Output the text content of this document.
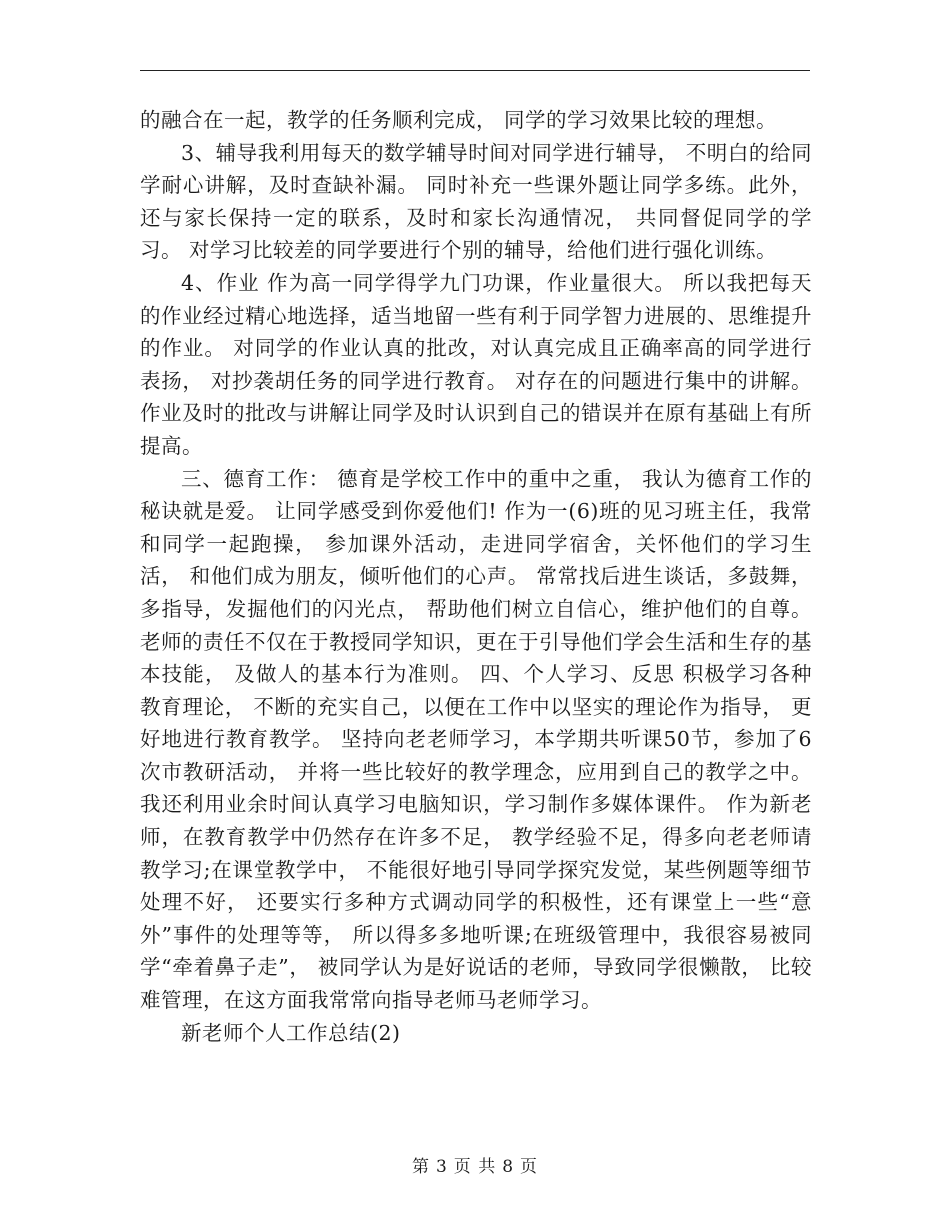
的融合在一起，教学的任务顺利完成， 同学的学习效果比较的理想。

3、辅导我利用每天的数学辅导时间对同学进行辅导， 不明白的给同学耐心讲解，及时查缺补漏。 同时补充一些课外题让同学多练。此外，还与家长保持一定的联系，及时和家长沟通情况， 共同督促同学的学习。 对学习比较差的同学要进行个别的辅导，给他们进行强化训练。

4、作业 作为高一同学得学九门功课，作业量很大。 所以我把每天的作业经过精心地选择，适当地留一些有利于同学智力进展的、思维提升的作业。 对同学的作业认真的批改，对认真完成且正确率高的同学进行表扬， 对抄袭胡任务的同学进行教育。 对存在的问题进行集中的讲解。 作业及时的批改与讲解让同学及时认识到自己的错误并在原有基础上有所提高。

三、德育工作： 德育是学校工作中的重中之重， 我认为德育工作的秘诀就是爱。 让同学感受到你爱他们! 作为一(6)班的见习班主任，我常和同学一起跑操， 参加课外活动，走进同学宿舍，关怀他们的学习生活， 和他们成为朋友，倾听他们的心声。 常常找后进生谈话，多鼓舞，多指导，发掘他们的闪光点， 帮助他们树立自信心，维护他们的自尊。 老师的责任不仅在于教授同学知识，更在于引导他们学会生活和生存的基本技能， 及做人的基本行为准则。 四、个人学习、反思 积极学习各种教育理论， 不断的充实自己，以便在工作中以坚实的理论作为指导， 更好地进行教育教学。 坚持向老老师学习，本学期共听课50节，参加了6次市教研活动， 并将一些比较好的教学理念，应用到自己的教学之中。 我还利用业余时间认真学习电脑知识，学习制作多媒体课件。 作为新老师，在教育教学中仍然存在许多不足， 教学经验不足，得多向老老师请教学习;在课堂教学中， 不能很好地引导同学探究发觉，某些例题等细节处理不好， 还要实行多种方式调动同学的积极性，还有课堂上一些“意外”事件的处理等等， 所以得多多地听课;在班级管理中，我很容易被同学“牵着鼻子走”， 被同学认为是好说话的老师，导致同学很懒散， 比较难管理，在这方面我常常向指导老师马老师学习。

新老师个人工作总结(2)

第 3 页 共 8 页
